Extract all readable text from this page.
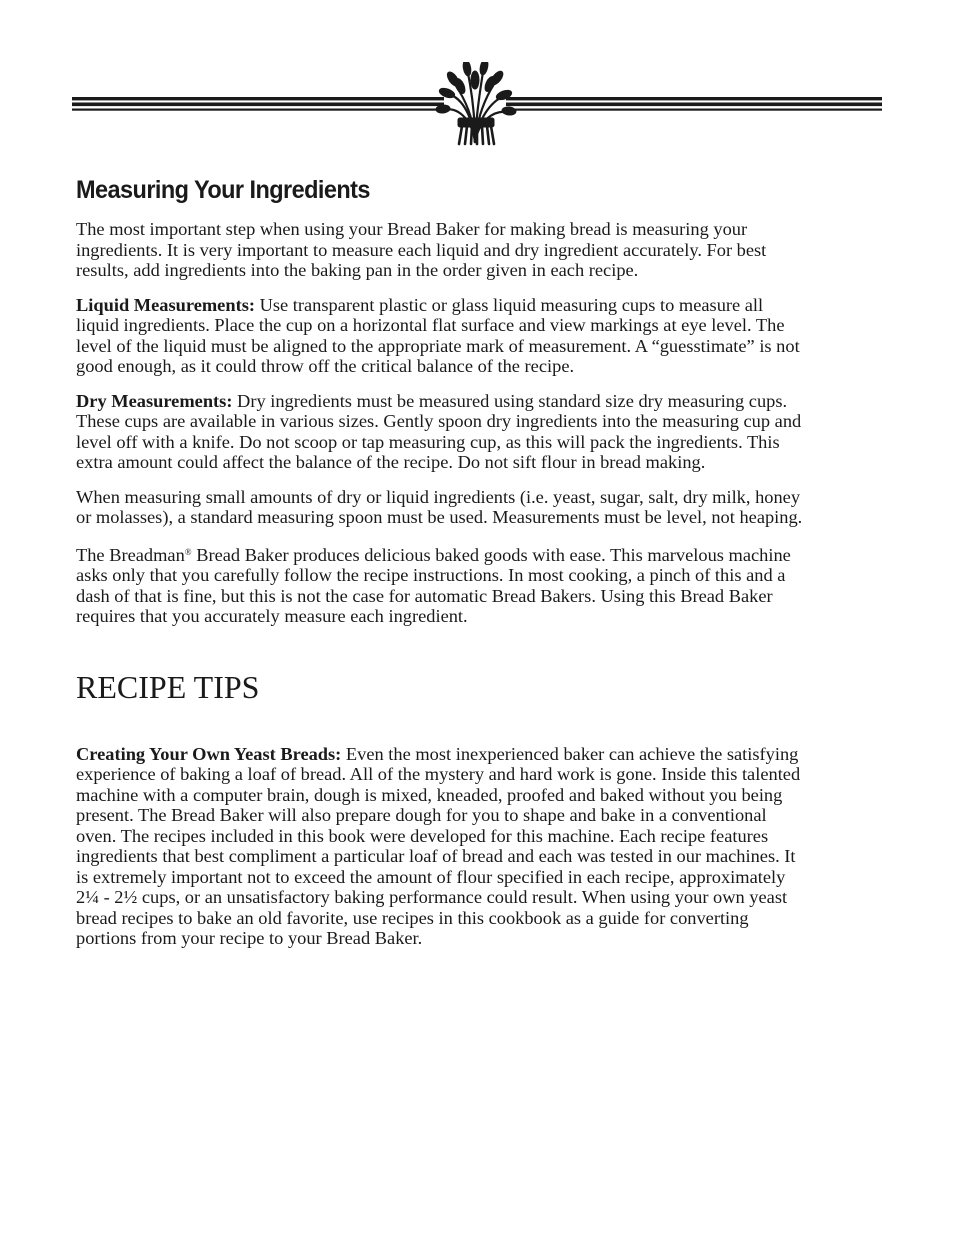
Measuring Your Ingredients

The most important step when using your Bread Baker for making bread is measuring your ingredients. It is very important to measure each liquid and dry ingredient accurately. For best results, add ingredients into the baking pan in the order given in each recipe.

Liquid Measurements: Use transparent plastic or glass liquid measuring cups to measure all liquid ingredients. Place the cup on a horizontal flat surface and view markings at eye level. The level of the liquid must be aligned to the appropriate mark of measurement. A “guesstimate” is not good enough, as it could throw off the critical balance of the recipe.

Dry Measurements: Dry ingredients must be measured using standard size dry measuring cups. These cups are available in various sizes. Gently spoon dry ingredients into the measuring cup and level off with a knife. Do not scoop or tap measuring cup, as this will pack the ingredients. This extra amount could affect the balance of the recipe. Do not sift flour in bread making.

When measuring small amounts of dry or liquid ingredients (i.e. yeast, sugar, salt, dry milk, honey or molasses), a standard measuring spoon must be used. Measurements must be level, not heaping.

The Breadman® Bread Baker produces delicious baked goods with ease. This marvelous machine asks only that you carefully follow the recipe instructions. In most cooking, a pinch of this and a dash of that is fine, but this is not the case for automatic Bread Bakers. Using this Bread Baker requires that you accurately measure each ingredient.

RECIPE TIPS

Creating Your Own Yeast Breads: Even the most inexperienced baker can achieve the satisfying experience of baking a loaf of bread. All of the mystery and hard work is gone. Inside this talented machine with a computer brain, dough is mixed, kneaded, proofed and baked without you being present. The Bread Baker will also prepare dough for you to shape and bake in a conventional oven. The recipes included in this book were developed for this machine. Each recipe features ingredients that best compliment a particular loaf of bread and each was tested in our machines. It is extremely important not to exceed the amount of flour specified in each recipe, approximately 2¼ - 2½ cups, or an unsatisfactory baking performance could result. When using your own yeast bread recipes to bake an old favorite, use recipes in this cookbook as a guide for converting portions from your recipe to your Bread Baker.
